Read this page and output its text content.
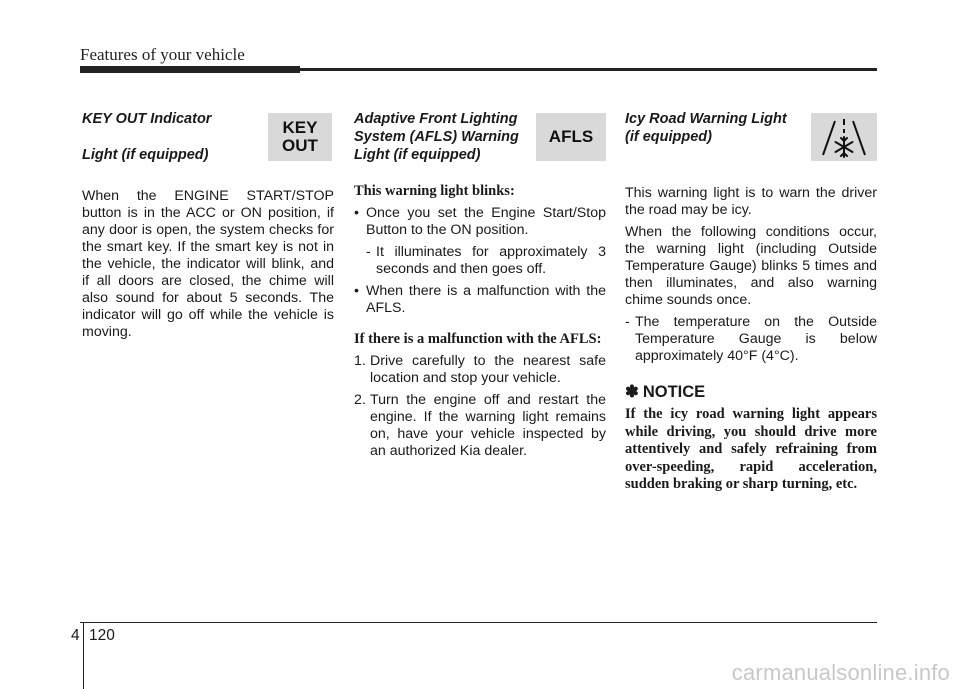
Features of your vehicle
KEY OUT Indicator

Light (if equipped)
KEY
OUT

When the ENGINE START/STOP button is in the ACC or ON position, if any door is open, the system checks for the smart key. If the smart key is not in the vehicle, the indicator will blink, and if all doors are closed, the chime will also sound for about 5 seconds. The indicator will go off while the vehicle is moving.

Adaptive Front Lighting
System (AFLS) Warning
Light (if equipped)
AFLS

This warning light blinks:

• Once you set the Engine Start/Stop Button to the ON position.
- It illuminates for approximately 3 seconds and then goes off.
• When there is a malfunction with the AFLS.

If there is a malfunction with the AFLS:

1. Drive carefully to the nearest safe location and stop your vehicle.
2. Turn the engine off and restart the engine. If the warning light remains on, have your vehicle inspected by an authorized Kia dealer.
Icy Road Warning Light
(if equipped)

This warning light is to warn the driver the road may be icy.

When the following conditions occur, the warning light (including Outside Temperature Gauge) blinks 5 times and then illuminates, and also warning chime sounds once.

- The temperature on the Outside Temperature Gauge is below approximately 40°F (4°C).
✽ NOTICE

If the icy road warning light appears while driving, you should drive more attentively and safely refraining from over-speeding, rapid acceleration, sudden braking or sharp turning, etc.

4 120
carmanualsonline.info
